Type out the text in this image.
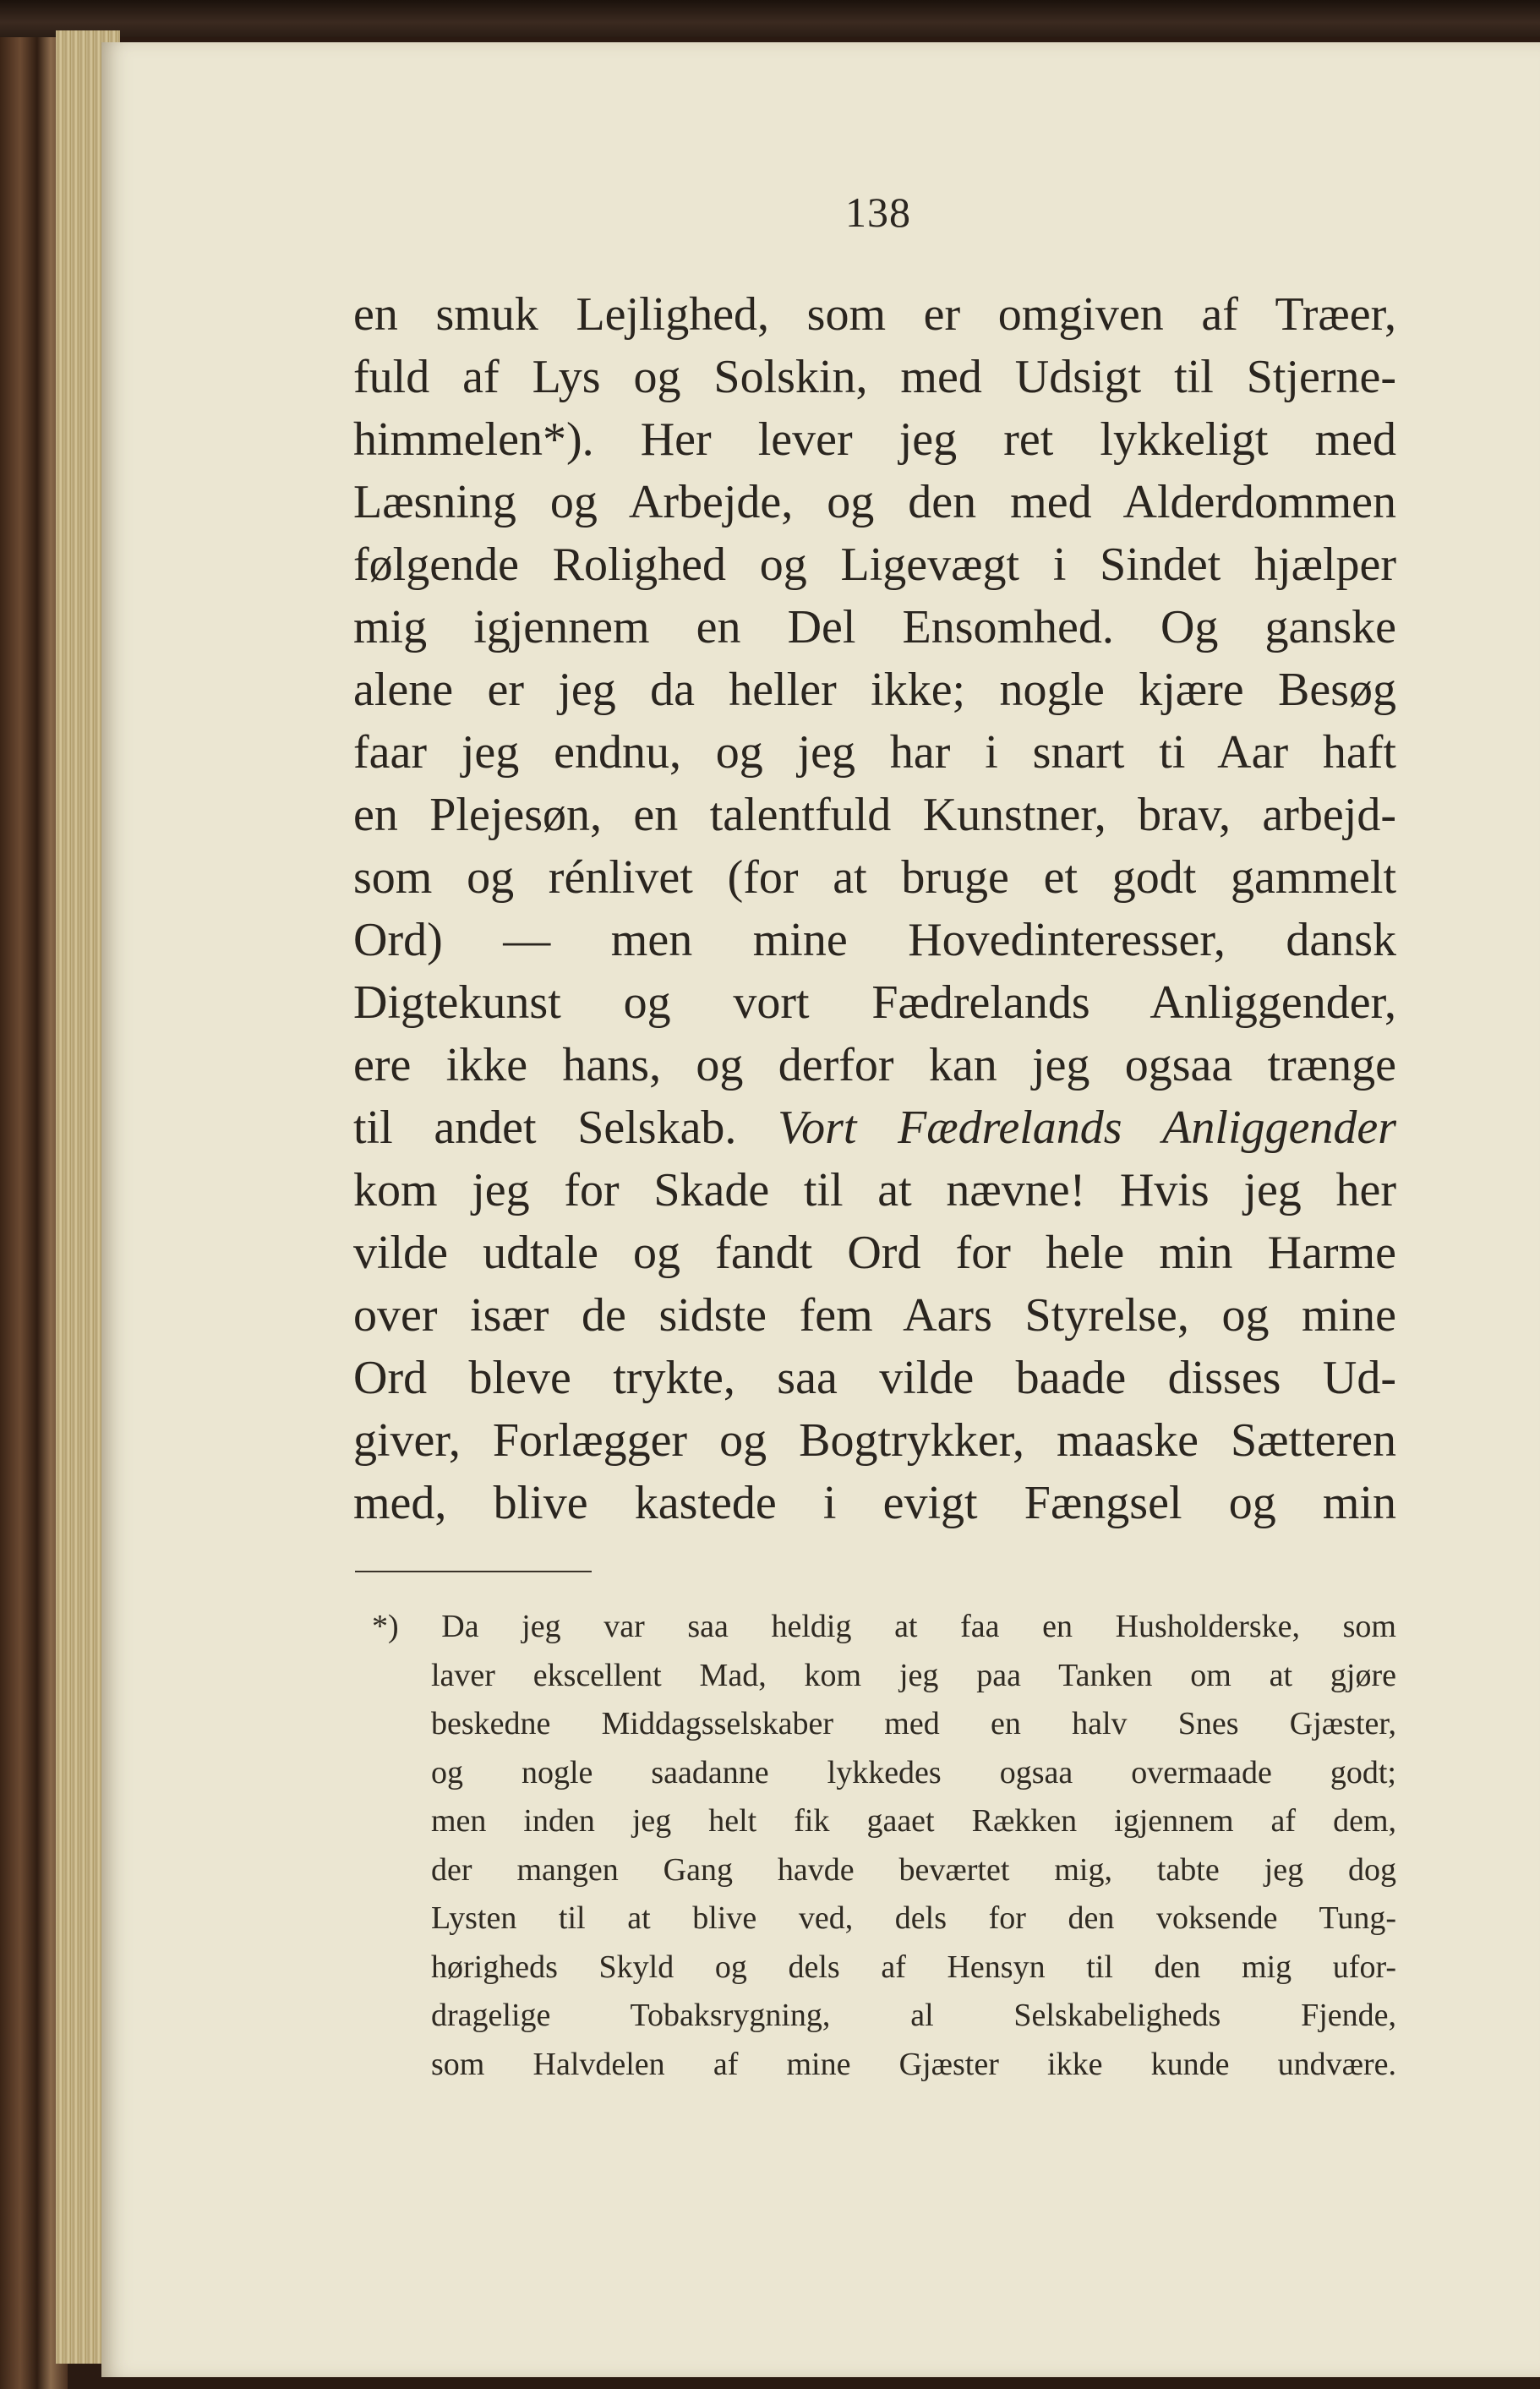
138
en smuk Lejlighed, som er omgiven af Træer,
fuld af Lys og Solskin, med Udsigt til Stjerne-
himmelen*). Her lever jeg ret lykkeligt med
Læsning og Arbejde, og den med Alderdommen
følgende Rolighed og Ligevægt i Sindet hjælper
mig igjennem en Del Ensomhed. Og ganske
alene er jeg da heller ikke; nogle kjære Besøg
faar jeg endnu, og jeg har i snart ti Aar haft
en Plejesøn, en talentfuld Kunstner, brav, arbejd-
som og rénlivet (for at bruge et godt gammelt
Ord) — men mine Hovedinteresser, dansk
Digtekunst og vort Fædrelands Anliggender,
ere ikke hans, og derfor kan jeg ogsaa trænge
til andet Selskab. Vort Fædrelands Anliggender
kom jeg for Skade til at nævne! Hvis jeg her
vilde udtale og fandt Ord for hele min Harme
over især de sidste fem Aars Styrelse, og mine
Ord bleve trykte, saa vilde baade disses Ud-
giver, Forlægger og Bogtrykker, maaske Sætteren
med, blive kastede i evigt Fængsel og min
*) Da jeg var saa heldig at faa en Husholderske, som
laver ekscellent Mad, kom jeg paa Tanken om at gjøre
beskedne Middagsselskaber med en halv Snes Gjæster,
og nogle saadanne lykkedes ogsaa overmaade godt;
men inden jeg helt fik gaaet Rækken igjennem af dem,
der mangen Gang havde beværtet mig, tabte jeg dog
Lysten til at blive ved, dels for den voksende Tung-
hørigheds Skyld og dels af Hensyn til den mig ufor-
dragelige Tobaksrygning, al Selskabeligheds Fjende,
som Halvdelen af mine Gjæster ikke kunde undvære.
